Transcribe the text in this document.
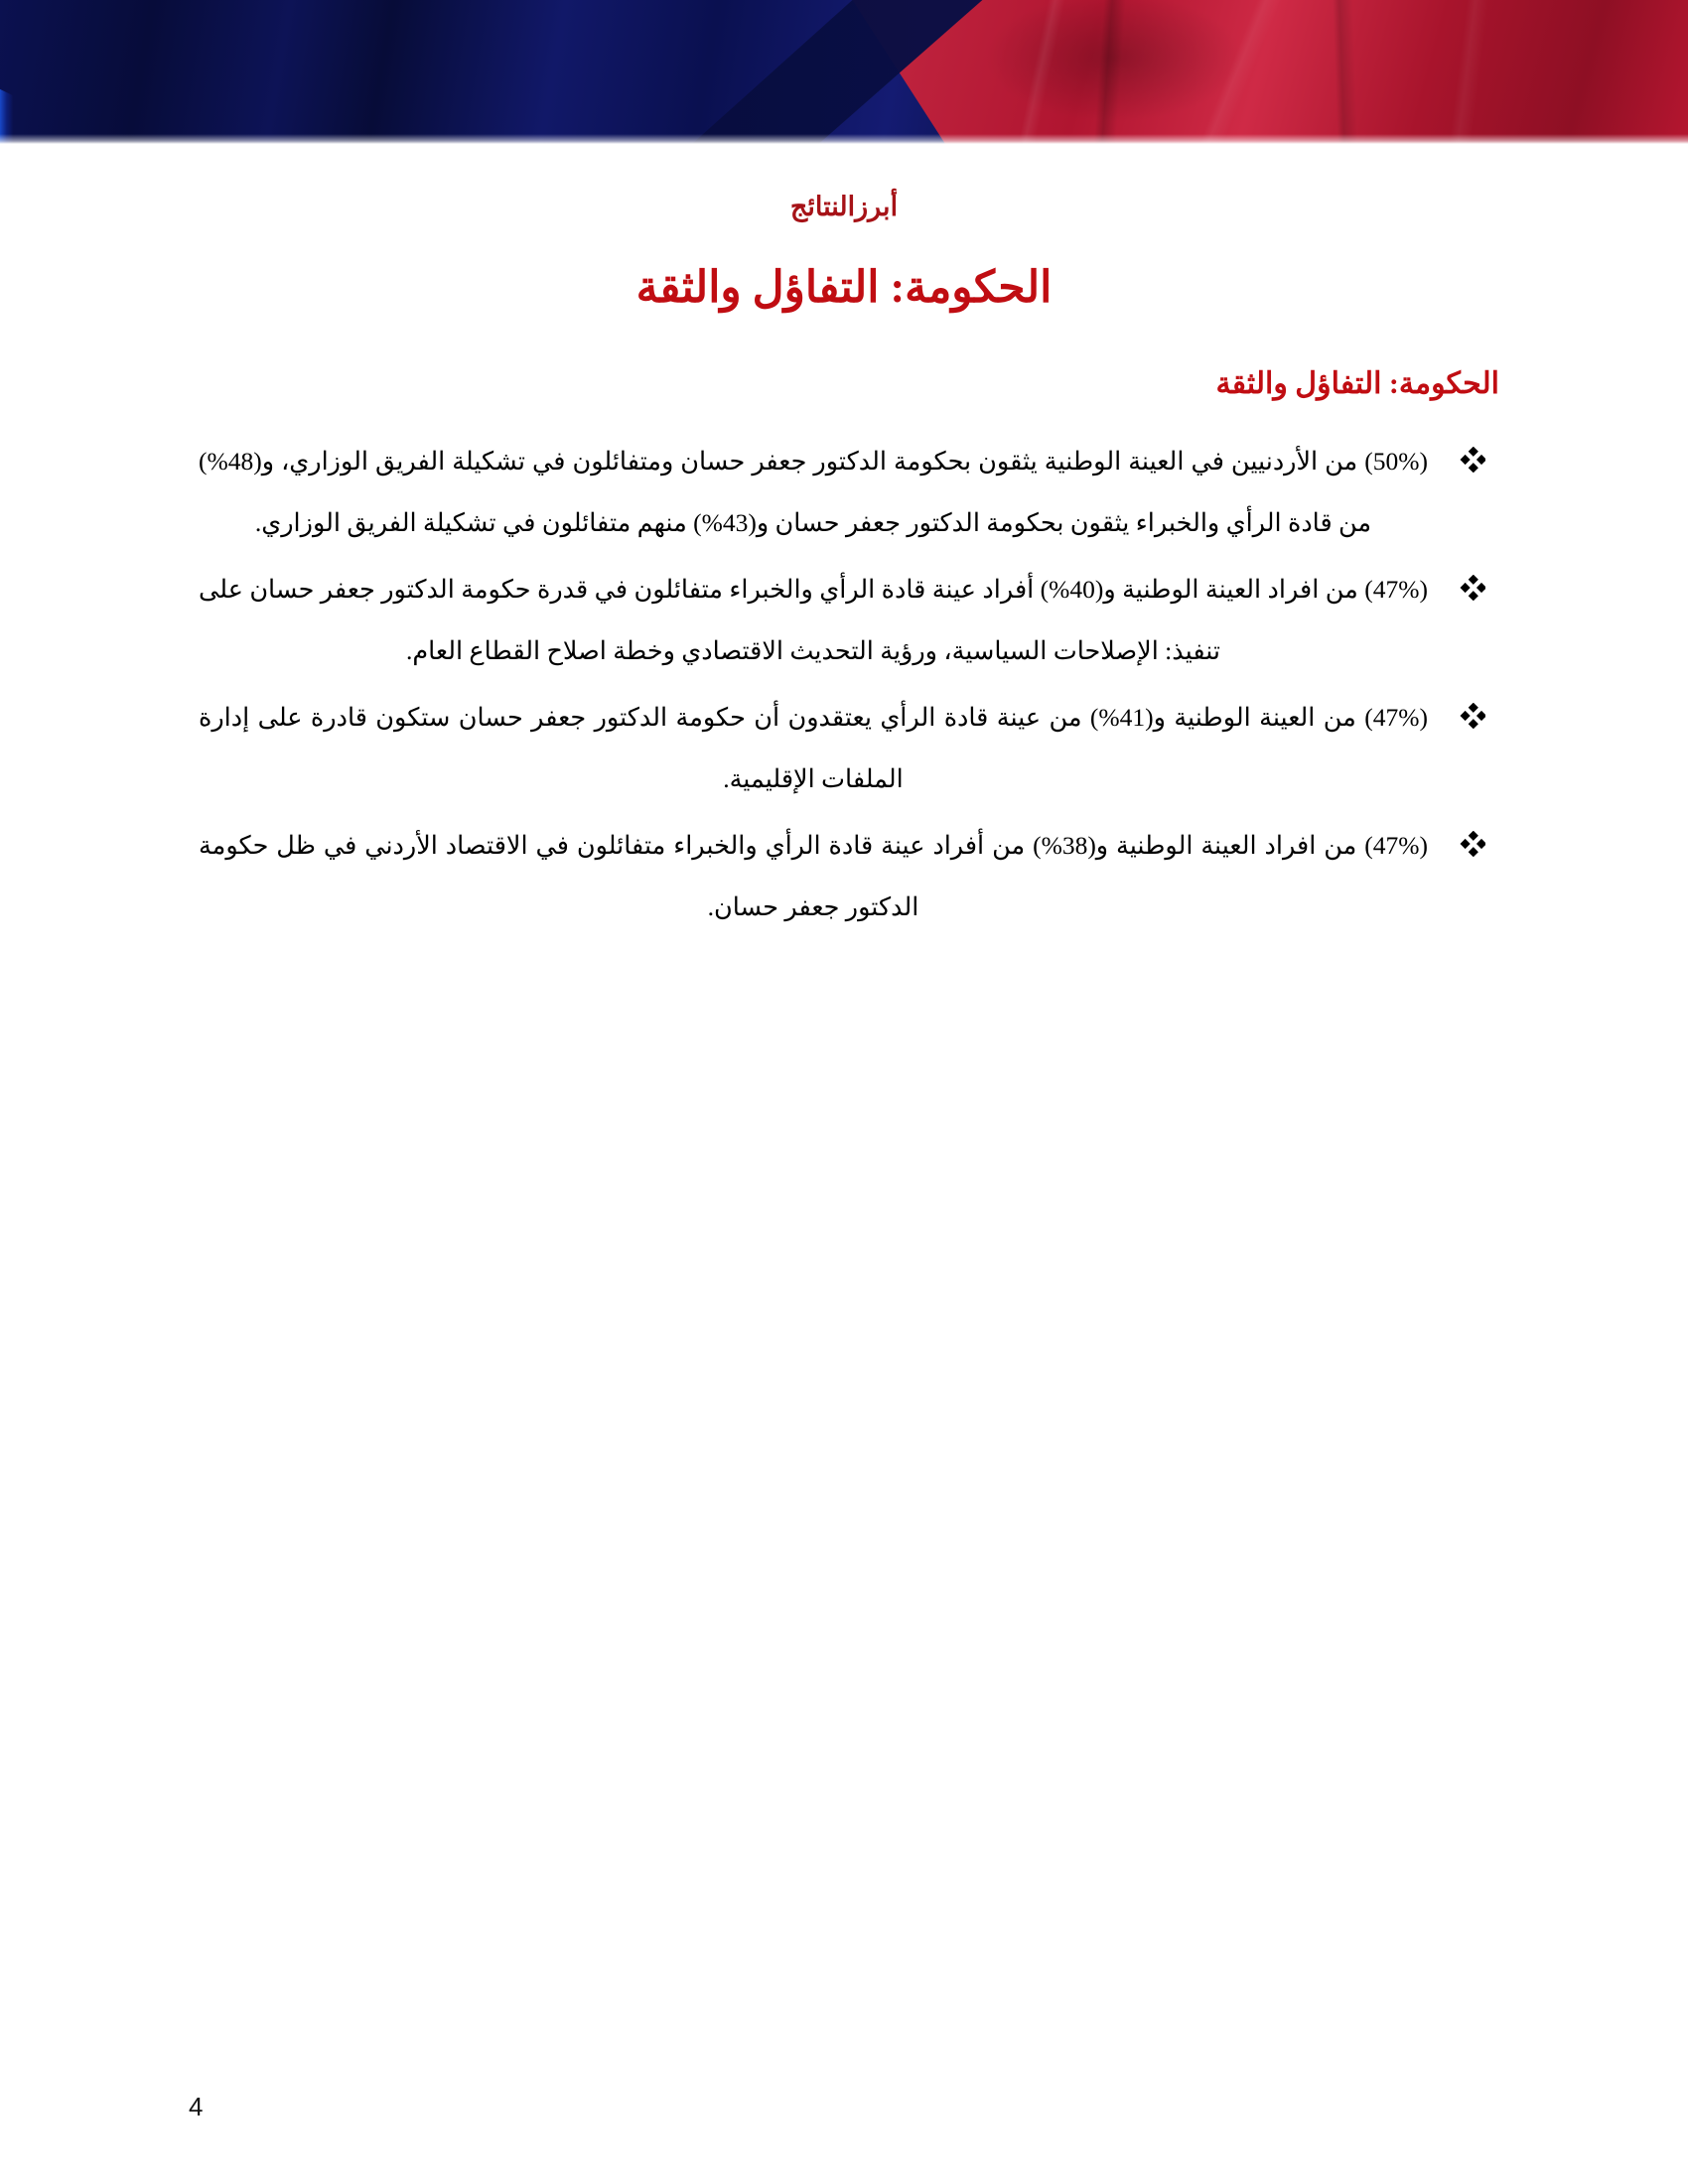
أبرزالنتائج
الحكومة: التفاؤل والثقة
الحكومة: التفاؤل والثقة
(50%) من الأردنيين في العينة الوطنية يثقون بحكومة الدكتور جعفر حسان ومتفائلون في تشكيلة الفريق الوزاري، و(48%) من قادة الرأي والخبراء يثقون بحكومة الدكتور جعفر حسان و(43%) منهم متفائلون في تشكيلة الفريق الوزاري.
(47%) من افراد العينة الوطنية و(40%) أفراد عينة قادة الرأي والخبراء متفائلون في قدرة حكومة الدكتور جعفر حسان على تنفيذ: الإصلاحات السياسية، ورؤية التحديث الاقتصادي وخطة اصلاح القطاع العام.
(47%) من العينة الوطنية و(41%) من عينة قادة الرأي يعتقدون أن حكومة الدكتور جعفر حسان ستكون قادرة على إدارة الملفات الإقليمية.
(47%) من افراد العينة الوطنية و(38%) من أفراد عينة قادة الرأي والخبراء متفائلون في الاقتصاد الأردني في ظل حكومة الدكتور جعفر حسان.
4
